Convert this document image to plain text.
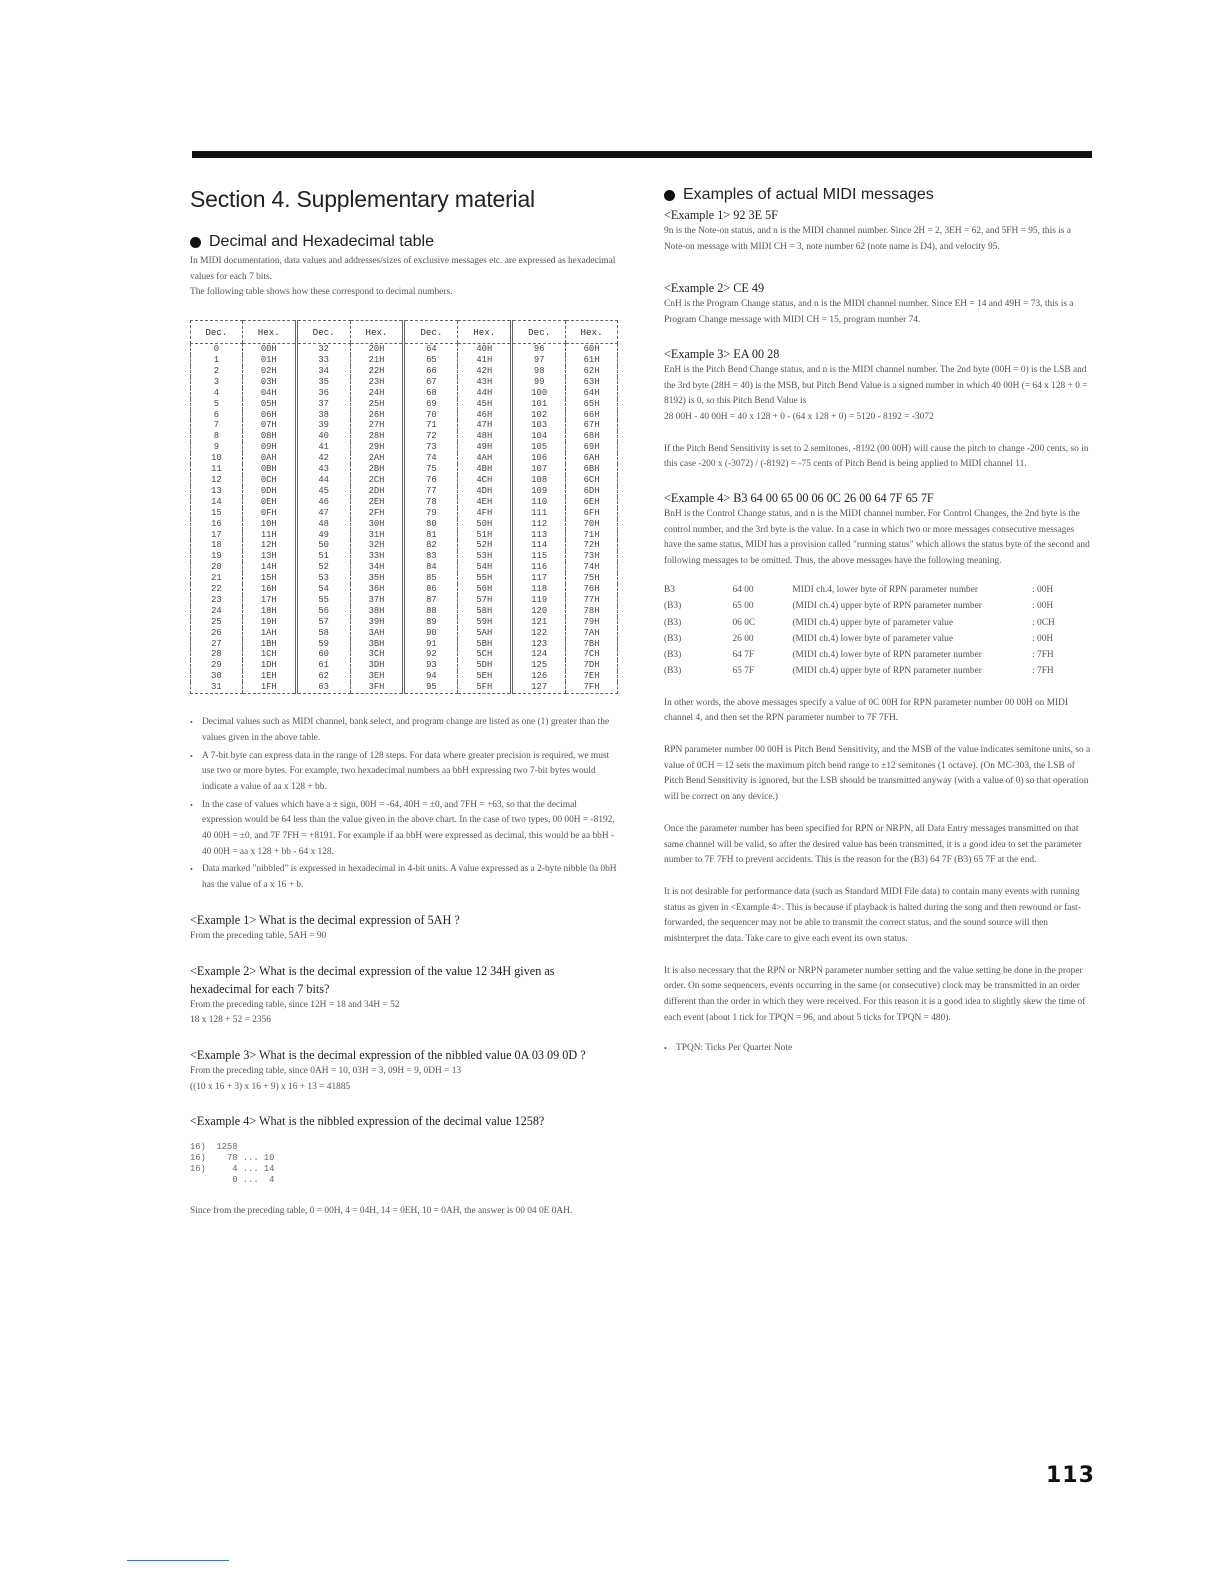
Section 4. Supplementary material
Decimal and Hexadecimal table

In MIDI documentation, data values and addresses/sizes of exclusive messages etc. are expressed as hexadecimal values for each 7 bits.

The following table shows how these correspond to decimal numbers.

Dec.	Hex.	Dec.	Hex.	Dec.	Hex.	Dec.	Hex.
0	00H	32	20H	64	40H	96	60H
1	01H	33	21H	65	41H	97	61H
2	02H	34	22H	66	42H	98	62H
3	03H	35	23H	67	43H	99	63H
4	04H	36	24H	68	44H	100	64H
5	05H	37	25H	69	45H	101	65H
6	06H	38	26H	70	46H	102	66H
7	07H	39	27H	71	47H	103	67H
8	08H	40	28H	72	48H	104	68H
9	09H	41	29H	73	49H	105	69H
10	0AH	42	2AH	74	4AH	106	6AH
11	0BH	43	2BH	75	4BH	107	6BH
12	0CH	44	2CH	76	4CH	108	6CH
13	0DH	45	2DH	77	4DH	109	6DH
14	0EH	46	2EH	78	4EH	110	6EH
15	0FH	47	2FH	79	4FH	111	6FH
16	10H	48	30H	80	50H	112	70H
17	11H	49	31H	81	51H	113	71H
18	12H	50	32H	82	52H	114	72H
19	13H	51	33H	83	53H	115	73H
20	14H	52	34H	84	54H	116	74H
21	15H	53	35H	85	55H	117	75H
22	16H	54	36H	86	56H	118	76H
23	17H	55	37H	87	57H	119	77H
24	18H	56	38H	88	58H	120	78H
25	19H	57	39H	89	59H	121	79H
26	1AH	58	3AH	90	5AH	122	7AH
27	1BH	59	3BH	91	5BH	123	7BH
28	1CH	60	3CH	92	5CH	124	7CH
29	1DH	61	3DH	93	5DH	125	7DH
30	1EH	62	3EH	94	5EH	126	7EH
31	1FH	63	3FH	95	5FH	127	7FH
• Decimal values such as MIDI channel, bank select, and program change are listed as one (1) greater than the values given in the above table.
• A 7-bit byte can express data in the range of 128 steps. For data where greater precision is required, we must use two or more bytes. For example, two hexadecimal numbers aa bbH expressing two 7-bit bytes would indicate a value of aa x 128 + bb.
• In the case of values which have a ± sign, 00H = -64, 40H = ±0, and 7FH = +63, so that the decimal expression would be 64 less than the value given in the above chart. In the case of two types, 00 00H = -8192, 40 00H = ±0, and 7F 7FH = +8191. For example if aa bbH were expressed as decimal, this would be aa bbH - 40 00H = aa x 128 + bb - 64 x 128.
• Data marked "nibbled" is expressed in hexadecimal in 4-bit units. A value expressed as a 2-byte nibble 0a 0bH has the value of a x 16 + b.

<Example 1> What is the decimal expression of 5AH ?

From the preceding table, 5AH = 90

<Example 2> What is the decimal expression of the value 12 34H given as hexadecimal for each 7 bits?

From the preceding table, since 12H = 18 and 34H = 52

18 x 128 + 52 = 2356

<Example 3> What is the decimal expression of the nibbled value 0A 03 09 0D ?

From the preceding table, since 0AH = 10, 03H = 3, 09H = 9, 0DH = 13

((10 x 16 + 3) x 16 + 9) x 16 + 13 = 41885

<Example 4> What is the nibbled expression of the decimal value 1258?

16)  1258
16)    78 ... 10
16)     4 ... 14
0 ...  4

Since from the preceding table, 0 = 00H, 4 = 04H, 14 = 0EH, 10 = 0AH, the answer is 00 04 0E 0AH.

Examples of actual MIDI messages

<Example 1> 92 3E 5F

9n is the Note-on status, and n is the MIDI channel number. Since 2H = 2, 3EH = 62, and 5FH = 95, this is a Note-on message with MIDI CH = 3, note number 62 (note name is D4), and velocity 95.

<Example 2> CE 49

CnH is the Program Change status, and n is the MIDI channel number. Since EH = 14 and 49H = 73, this is a Program Change message with MIDI CH = 15, program number 74.

<Example 3> EA 00 28

EnH is the Pitch Bend Change status, and n is the MIDI channel number. The 2nd byte (00H = 0) is the LSB and the 3rd byte (28H = 40) is the MSB, but Pitch Bend Value is a signed number in which 40 00H (= 64 x 128 + 0 = 8192) is 0, so this Pitch Bend Value is

28 00H - 40 00H = 40 x 128 + 0 - (64 x 128 + 0) = 5120 - 8192 = -3072

If the Pitch Bend Sensitivity is set to 2 semitones, -8192 (00 00H) will cause the pitch to change -200 cents, so in this case -200 x (-3072) / (-8192) = -75 cents of Pitch Bend is being applied to MIDI channel 11.

<Example 4> B3 64 00 65 00 06 0C 26 00 64 7F 65 7F

BnH is the Control Change status, and n is the MIDI channel number. For Control Changes, the 2nd byte is the control number, and the 3rd byte is the value. In a case in which two or more messages consecutive messages have the same status, MIDI has a provision called "running status" which allows the status byte of the second and following messages to be omitted. Thus, the above messages have the following meaning.

B3	64 00	MIDI ch.4, lower byte of RPN parameter number	: 00H
(B3)	65 00	(MIDI ch.4) upper byte of RPN parameter number	: 00H
(B3)	06 0C	(MIDI ch.4) upper byte of parameter value	: 0CH
(B3)	26 00	(MIDI ch.4) lower byte of parameter value	: 00H
(B3)	64 7F	(MIDI ch.4) lower byte of RPN parameter number	: 7FH
(B3)	65 7F	(MIDI ch.4) upper byte of RPN parameter number	: 7FH

In other words, the above messages specify a value of 0C 00H for RPN parameter number 00 00H on MIDI channel 4, and then set the RPN parameter number to 7F 7FH.

RPN parameter number 00 00H is Pitch Bend Sensitivity, and the MSB of the value indicates semitone units, so a value of 0CH = 12 sets the maximum pitch bend range to ±12 semitones (1 octave). (On MC-303, the LSB of Pitch Bend Sensitivity is ignored, but the LSB should be transmitted anyway (with a value of 0) so that operation will be correct on any device.)

Once the parameter number has been specified for RPN or NRPN, all Data Entry messages transmitted on that same channel will be valid, so after the desired value has been transmitted, it is a good idea to set the parameter number to 7F 7FH to prevent accidents. This is the reason for the (B3) 64 7F (B3) 65 7F at the end.

It is not desirable for performance data (such as Standard MIDI File data) to contain many events with running status as given in <Example 4>. This is because if playback is halted during the song and then rewound or fast-forwarded, the sequencer may not be able to transmit the correct status, and the sound source will then misinterpret the data. Take care to give each event its own status.

It is also necessary that the RPN or NRPN parameter number setting and the value setting be done in the proper order. On some sequencers, events occurring in the same (or consecutive) clock may be transmitted in an order different than the order in which they were received. For this reason it is a good idea to slightly skew the time of each event (about 1 tick for TPQN = 96, and about 5 ticks for TPQN = 480).

• TPQN: Ticks Per Quarter Note
113
